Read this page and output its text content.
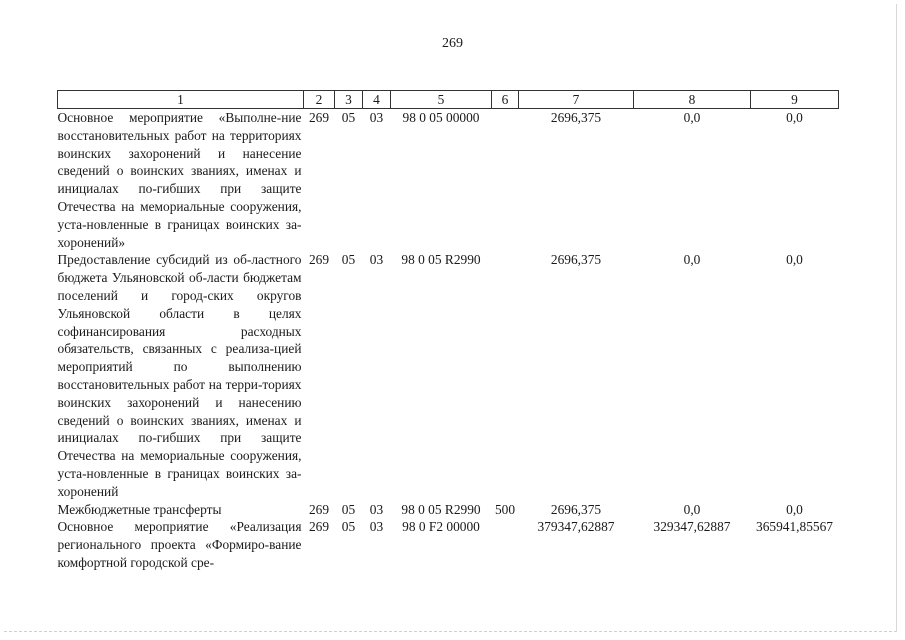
269
1	2	3	4	5	6	7	8	9
Основное мероприятие «Выполне-ние восстановительных работ на территориях воинских захоронений и нанесение сведений о воинских званиях, именах и инициалах по-гибших при защите Отечества на мемориальные сооружения, уста-новленные в границах воинских за-хоронений»	269	05	03	98 0 05 00000		2696,375	0,0	0,0
Предоставление субсидий из об-ластного бюджета Ульяновской об-ласти бюджетам поселений и город-ских округов Ульяновской области в целях софинансирования расходных обязательств, связанных с реализа-цией мероприятий по выполнению восстановительных работ на терри-ториях воинских захоронений и нанесению сведений о воинских званиях, именах и инициалах по-гибших при защите Отечества на мемориальные сооружения, уста-новленные в границах воинских за-хоронений	269	05	03	98 0 05 R2990		2696,375	0,0	0,0
Межбюджетные трансферты	269	05	03	98 0 05 R2990	500	2696,375	0,0	0,0
Основное мероприятие «Реализация регионального проекта «Формиро-вание комфортной городской сре-	269	05	03	98 0 F2 00000		379347,62887	329347,62887	365941,85567
